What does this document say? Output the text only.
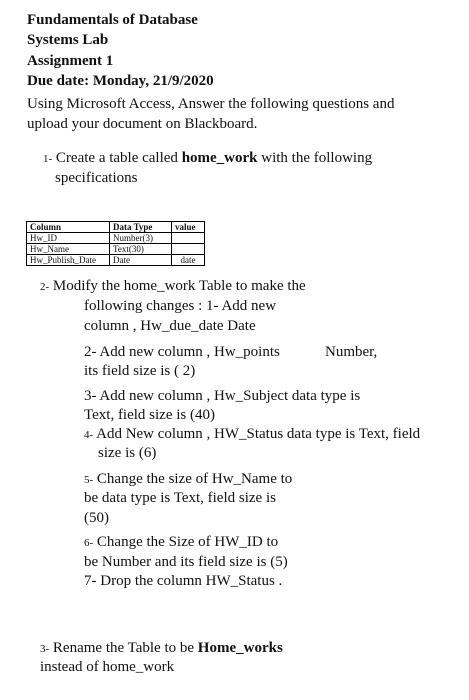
Fundamentals of Database
Systems Lab
Assignment 1
Due date: Monday, 21/9/2020
Using Microsoft Access, Answer the following questions and
upload your document on Blackboard.
1- Create a table called home_work with the following
specifications
Column	Data Type	value
Hw_ID	Number(3)	
Hw_Name	Text(30)	
Hw_Publish_Date	Date	date
2- Modify the home_work Table to make the
following changes : 1- Add new
column , Hw_due_date Date
2- Add new column , Hw_points	Number,
its field size is ( 2)
3- Add new column , Hw_Subject data type is
Text, field size is (40)
4- Add New column , HW_Status data type is Text, field
size is (6)
5- Change the size of Hw_Name to
be data type is Text, field size is
(50)
6- Change the Size of HW_ID to
be Number and its field size is (5)
7- Drop the column HW_Status .
3- Rename the Table to be Home_works
instead of home_work
